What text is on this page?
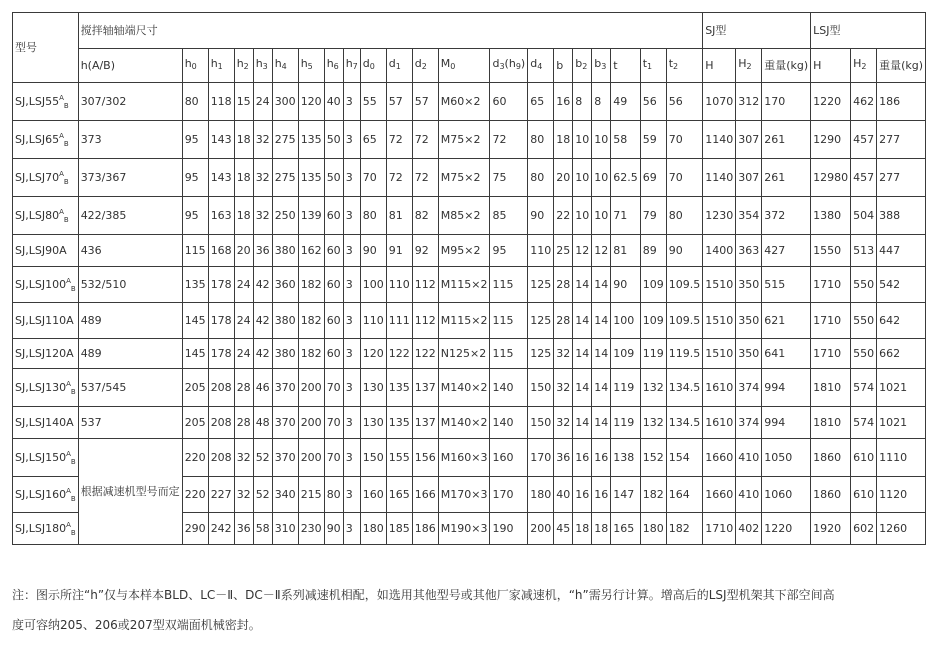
型号	搅拌轴轴端尺寸																					SJ型			LSJ型		
	h(A/B)	$h_0$	$h_1$	$h_2$	$h_3$	$h_4$	$h_5$	$h_6$	$h_7$	$d_0$	$d_1$	$d_2$	$M_0$	$d_3(h_9)$	$d_4$	b	$b_2$	$b_3$	t	$t_1$	$t_2$	H	$H_2$	重量(kg)	H	$H_2$	重量(kg)
$SJ,LSJ55^A_B$	307/302	80	118	15	24	300	120	40	3	55	57	57	M60×2	60	65	16	8	8	49	56	56	1070	312	170	1220	462	186
$SJ,LSJ65^A_B$	373	95	143	18	32	275	135	50	3	65	72	72	M75×2	72	80	18	10	10	58	59	70	1140	307	261	1290	457	277
$SJ,LSJ70^A_B$	373/367	95	143	18	32	275	135	50	3	70	72	72	M75×2	75	80	20	10	10	62.5	69	70	1140	307	261	12980	457	277
$SJ,LSJ80^A_B$	422/385	95	163	18	32	250	139	60	3	80	81	82	M85×2	85	90	22	10	10	71	79	80	1230	354	372	1380	504	388
SJ,LSJ90A	436	115	168	20	36	380	162	60	3	90	91	92	M95×2	95	110	25	12	12	81	89	90	1400	363	427	1550	513	447
$SJ,LSJ100^A_B$	532/510	135	178	24	42	360	182	60	3	100	110	112	M115×2	115	125	28	14	14	90	109	109.5	1510	350	515	1710	550	542
SJ,LSJ110A	489	145	178	24	42	380	182	60	3	110	111	112	M115×2	115	125	28	14	14	100	109	109.5	1510	350	621	1710	550	642
SJ,LSJ120A	489	145	178	24	42	380	182	60	3	120	122	122	N125×2	115	125	32	14	14	109	119	119.5	1510	350	641	1710	550	662
$SJ,LSJ130^A_B$	537/545	205	208	28	46	370	200	70	3	130	135	137	M140×2	140	150	32	14	14	119	132	134.5	1610	374	994	1810	574	1021
SJ,LSJ140A	537	205	208	28	48	370	200	70	3	130	135	137	M140×2	140	150	32	14	14	119	132	134.5	1610	374	994	1810	574	1021
$SJ,LSJ150^A_B$	根据减速机型号而定	220	208	32	52	370	200	70	3	150	155	156	M160×3	160	170	36	16	16	138	152	154	1660	410	1050	1860	610	1110
$SJ,LSJ160^A_B$		220	227	32	52	340	215	80	3	160	165	166	M170×3	170	180	40	16	16	147	182	164	1660	410	1060	1860	610	1120
$SJ,LSJ180^A_B$		290	242	36	58	310	230	90	3	180	185	186	M190×3	190	200	45	18	18	165	180	182	1710	402	1220	1920	602	1260

注：图示所注“h”仅与本样本BLD、LC－Ⅱ、DC－Ⅱ系列减速机相配，如选用其他型号或其他厂家减速机，“h”需另行计算。增高后的LSJ型机架其下部空间高度可容纳205、206或207型双端面机械密封。
